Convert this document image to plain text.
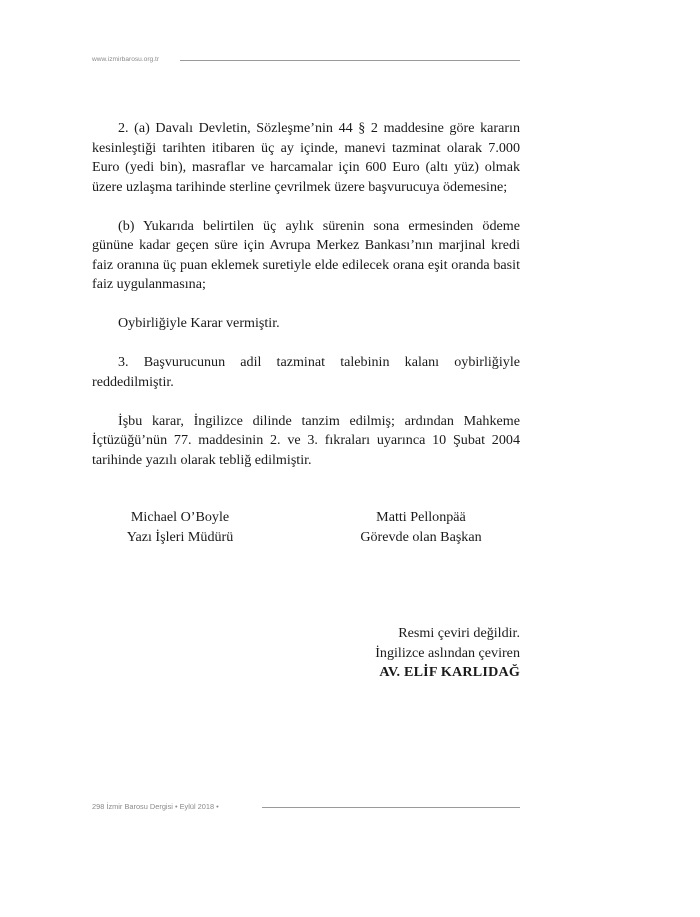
www.izmirbarosu.org.tr

2. (a) Davalı Devletin, Sözleşme’nin 44 § 2 maddesine göre kararın kesinleştiği tarihten itibaren üç ay içinde, manevi tazminat olarak 7.000 Euro (yedi bin), masraflar ve harcamalar için 600 Euro (altı yüz) olmak üzere uzlaşma tarihinde sterline çevrilmek üzere başvurucuya ödemesine;

(b) Yukarıda belirtilen üç aylık sürenin sona ermesinden ödeme gününe kadar geçen süre için Avrupa Merkez Bankası’nın marjinal kredi faiz oranına üç puan eklemek suretiyle elde edilecek orana eşit oranda basit faiz uygulanmasına;

Oybirliğiyle Karar vermiştir.

3. Başvurucunun adil tazminat talebinin kalanı oybirliğiyle reddedilmiştir.

İşbu karar, İngilizce dilinde tanzim edilmiş; ardından Mahkeme İçtüzüğü’nün 77. maddesinin 2. ve 3. fıkraları uyarınca 10 Şubat 2004 tarihinde yazılı olarak tebliğ edilmiştir.

Michael O’Boyle
Yazı İşleri Müdürü
Matti Pellonpää
Görevde olan Başkan
Resmi çeviri değildir.
İngilizce aslından çeviren
AV. ELİF KARLIDAĞ
298 İzmir Barosu Dergisi • Eylül 2018 •
